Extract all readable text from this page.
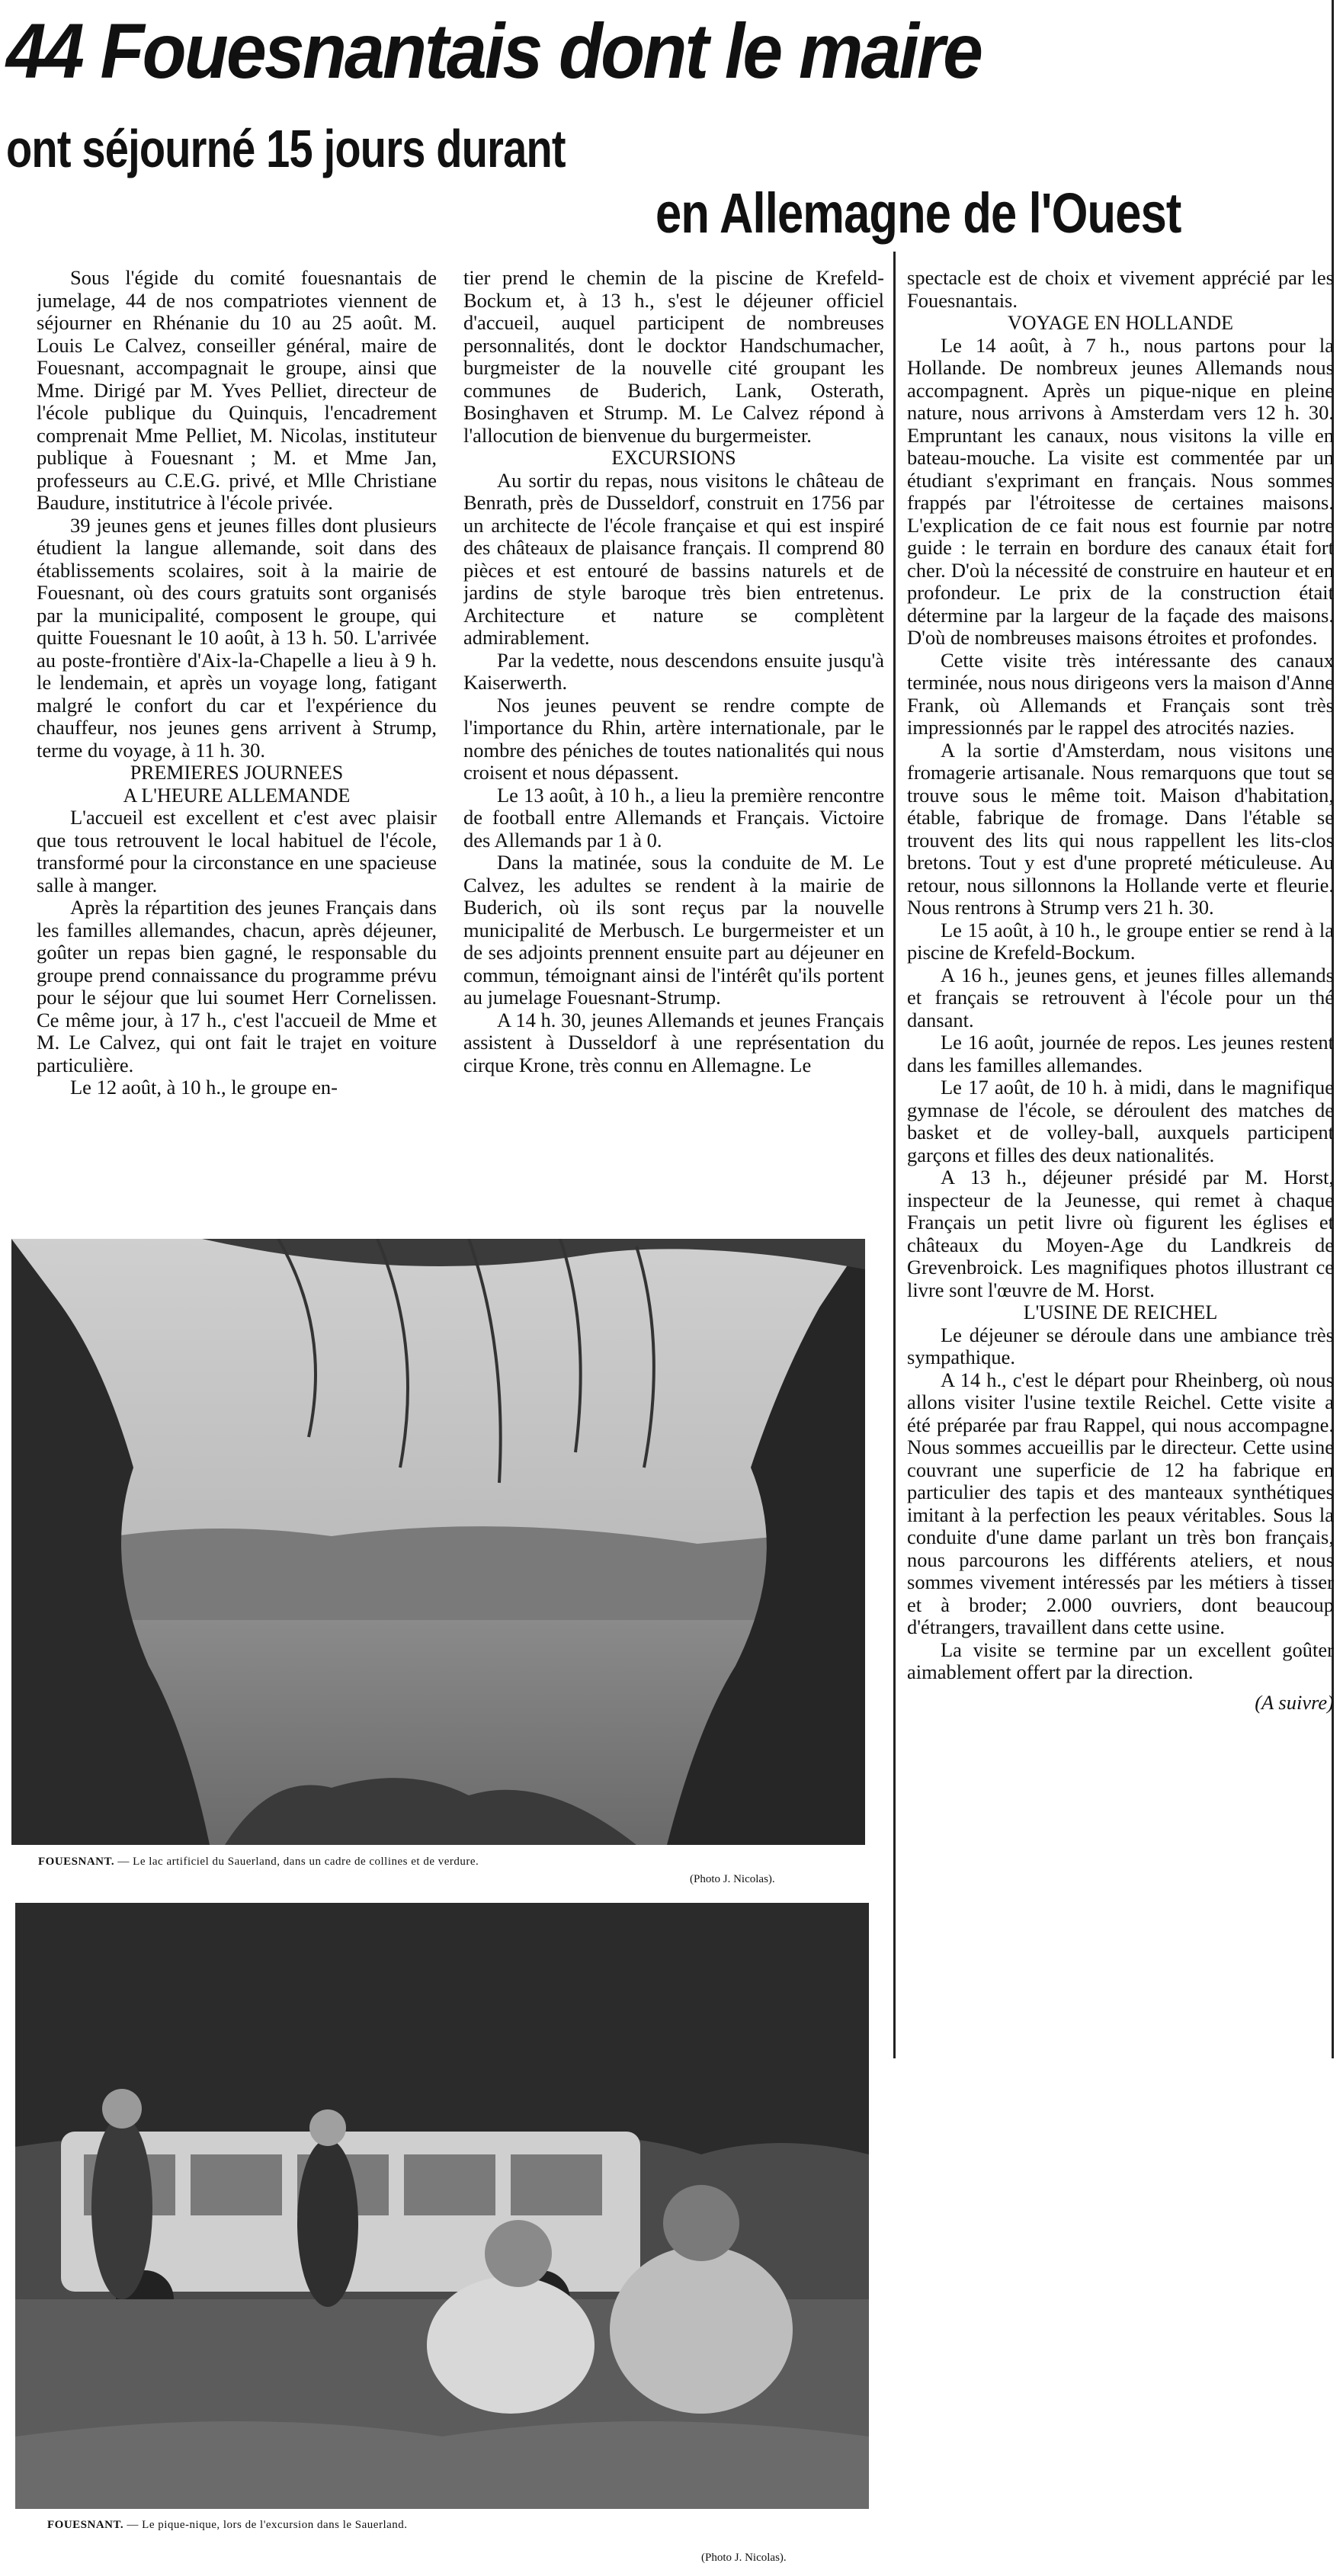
44 Fouesnantais dont le maire
ont séjourné 15 jours durant
en Allemagne de l'Ouest

Sous l'égide du comité fouesnantais de jumelage, 44 de nos compatriotes viennent de séjourner en Rhénanie du 10 au 25 août. M. Louis Le Calvez, conseiller général, maire de Fouesnant, accompagnait le groupe, ainsi que Mme. Dirigé par M. Yves Pelliet, directeur de l'école publique du Quinquis, l'encadrement comprenait Mme Pelliet, M. Nicolas, instituteur publique à Fouesnant ; M. et Mme Jan, professeurs au C.E.G. privé, et Mlle Christiane Baudure, institutrice à l'école privée.

39 jeunes gens et jeunes filles dont plusieurs étudient la langue allemande, soit dans des établissements scolaires, soit à la mairie de Fouesnant, où des cours gratuits sont organisés par la municipalité, composent le groupe, qui quitte Fouesnant le 10 août, à 13 h. 50. L'arrivée au poste-frontière d'Aix-la-Chapelle a lieu à 9 h. le lendemain, et après un voyage long, fatigant malgré le confort du car et l'expérience du chauffeur, nos jeunes gens arrivent à Strump, terme du voyage, à 11 h. 30.

PREMIERES JOURNEES

A L'HEURE ALLEMANDE

L'accueil est excellent et c'est avec plaisir que tous retrouvent le local habituel de l'école, transformé pour la circonstance en une spacieuse salle à manger.

Après la répartition des jeunes Français dans les familles allemandes, chacun, après déjeuner, goûter un repas bien gagné, le responsable du groupe prend connaissance du programme prévu pour le séjour que lui soumet Herr Cornelissen. Ce même jour, à 17 h., c'est l'accueil de Mme et M. Le Calvez, qui ont fait le trajet en voiture particulière.

Le 12 août, à 10 h., le groupe en-

tier prend le chemin de la piscine de Krefeld-Bockum et, à 13 h., s'est le déjeuner officiel d'accueil, auquel participent de nombreuses personnalités, dont le docktor Handschumacher, burgmeister de la nouvelle cité groupant les communes de Buderich, Lank, Osterath, Bosinghaven et Strump. M. Le Calvez répond à l'allocution de bienvenue du burgermeister.

EXCURSIONS

Au sortir du repas, nous visitons le château de Benrath, près de Dusseldorf, construit en 1756 par un architecte de l'école française et qui est inspiré des châteaux de plaisance français. Il comprend 80 pièces et est entouré de bassins naturels et de jardins de style baroque très bien entretenus. Architecture et nature se complètent admirablement.

Par la vedette, nous descendons ensuite jusqu'à Kaiserwerth.

Nos jeunes peuvent se rendre compte de l'importance du Rhin, artère internationale, par le nombre des péniches de toutes nationalités qui nous croisent et nous dépassent.

Le 13 août, à 10 h., a lieu la première rencontre de football entre Allemands et Français. Victoire des Allemands par 1 à 0.

Dans la matinée, sous la conduite de M. Le Calvez, les adultes se rendent à la mairie de Buderich, où ils sont reçus par la nouvelle municipalité de Merbusch. Le burgermeister et un de ses adjoints prennent ensuite part au déjeuner en commun, témoignant ainsi de l'intérêt qu'ils portent au jumelage Fouesnant-Strump.

A 14 h. 30, jeunes Allemands et jeunes Français assistent à Dusseldorf à une représentation du cirque Krone, très connu en Allemagne. Le

spectacle est de choix et vivement apprécié par les Fouesnantais.

VOYAGE EN HOLLANDE

Le 14 août, à 7 h., nous partons pour la Hollande. De nombreux jeunes Allemands nous accompagnent. Après un pique-nique en pleine nature, nous arrivons à Amsterdam vers 12 h. 30. Empruntant les canaux, nous visitons la ville en bateau-mouche. La visite est commentée par un étudiant s'exprimant en français. Nous sommes frappés par l'étroitesse de certaines maisons. L'explication de ce fait nous est fournie par notre guide : le terrain en bordure des canaux était fort cher. D'où la nécessité de construire en hauteur et en profondeur. Le prix de la construction était détermine par la largeur de la façade des maisons. D'où de nombreuses maisons étroites et profondes.

Cette visite très intéressante des canaux terminée, nous nous dirigeons vers la maison d'Anne Frank, où Allemands et Français sont très impressionnés par le rappel des atrocités nazies.

A la sortie d'Amsterdam, nous visitons une fromagerie artisanale. Nous remarquons que tout se trouve sous le même toit. Maison d'habitation, étable, fabrique de fromage. Dans l'étable se trouvent des lits qui nous rappellent les lits-clos bretons. Tout y est d'une propreté méticuleuse. Au retour, nous sillonnons la Hollande verte et fleurie. Nous rentrons à Strump vers 21 h. 30.

Le 15 août, à 10 h., le groupe entier se rend à la piscine de Krefeld-Bockum.

A 16 h., jeunes gens, et jeunes filles allemands et français se retrouvent à l'école pour un thé dansant.

Le 16 août, journée de repos. Les jeunes restent dans les familles allemandes.

Le 17 août, de 10 h. à midi, dans le magnifique gymnase de l'école, se déroulent des matches de basket et de volley-ball, auxquels participent garçons et filles des deux nationalités.

A 13 h., déjeuner présidé par M. Horst, inspecteur de la Jeunesse, qui remet à chaque Français un petit livre où figurent les églises et châteaux du Moyen-Age du Landkreis de Grevenbroick. Les magnifiques photos illustrant ce livre sont l'œuvre de M. Horst.

L'USINE DE REICHEL

Le déjeuner se déroule dans une ambiance très sympathique.

A 14 h., c'est le départ pour Rheinberg, où nous allons visiter l'usine textile Reichel. Cette visite a été préparée par frau Rappel, qui nous accompagne. Nous sommes accueillis par le directeur. Cette usine couvrant une superficie de 12 ha fabrique en particulier des tapis et des manteaux synthétiques imitant à la perfection les peaux véritables. Sous la conduite d'une dame parlant un très bon français, nous parcourons les différents ateliers, et nous sommes vivement intéressés par les métiers à tisser et à broder; 2.000 ouvriers, dont beaucoup d'étrangers, travaillent dans cette usine.

La visite se termine par un excellent goûter aimablement offert par la direction.

(A suivre)

FOUESNANT. — Le lac artificiel du Sauerland, dans un cadre de collines et de verdure.
(Photo J. Nicolas).
FOUESNANT. — Le pique-nique, lors de l'excursion dans le Sauerland.
(Photo J. Nicolas).
